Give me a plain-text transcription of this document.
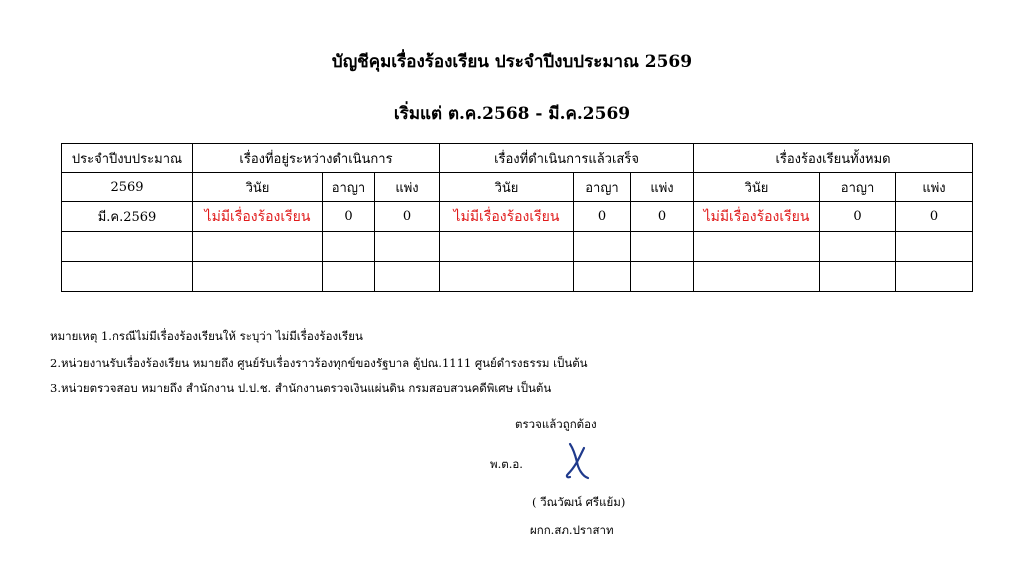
บัญชีคุมเรื่องร้องเรียน ประจำปีงบประมาณ 2569
เริ่มแต่ ต.ค.2568 - มี.ค.2569
ประจำปีงบประมาณ	เรื่องที่อยู่ระหว่างดำเนินการ			เรื่องที่ดำเนินการแล้วเสร็จ			เรื่องร้องเรียนทั้งหมด		
2569	วินัย	อาญา	แพ่ง	วินัย	อาญา	แพ่ง	วินัย	อาญา	แพ่ง
มี.ค.2569	ไม่มีเรื่องร้องเรียน	0	0	ไม่มีเรื่องร้องเรียน	0	0	ไม่มีเรื่องร้องเรียน	0	0

หมายเหตุ 1.กรณีไม่มีเรื่องร้องเรียนให้ ระบุว่า ไม่มีเรื่องร้องเรียน
2.หน่วยงานรับเรื่องร้องเรียน หมายถึง ศูนย์รับเรื่องราวร้องทุกข์ของรัฐบาล ตู้ปณ.1111 ศูนย์ดำรงธรรม เป็นต้น
3.หน่วยตรวจสอบ หมายถึง สำนักงาน ป.ป.ช. สำนักงานตรวจเงินแผ่นดิน กรมสอบสวนคดีพิเศษ เป็นต้น
ตรวจแล้วถูกต้อง
พ.ต.อ.
( วีณวัฒน์ ศรีแย้ม)
ผกก.สภ.ปราสาท
